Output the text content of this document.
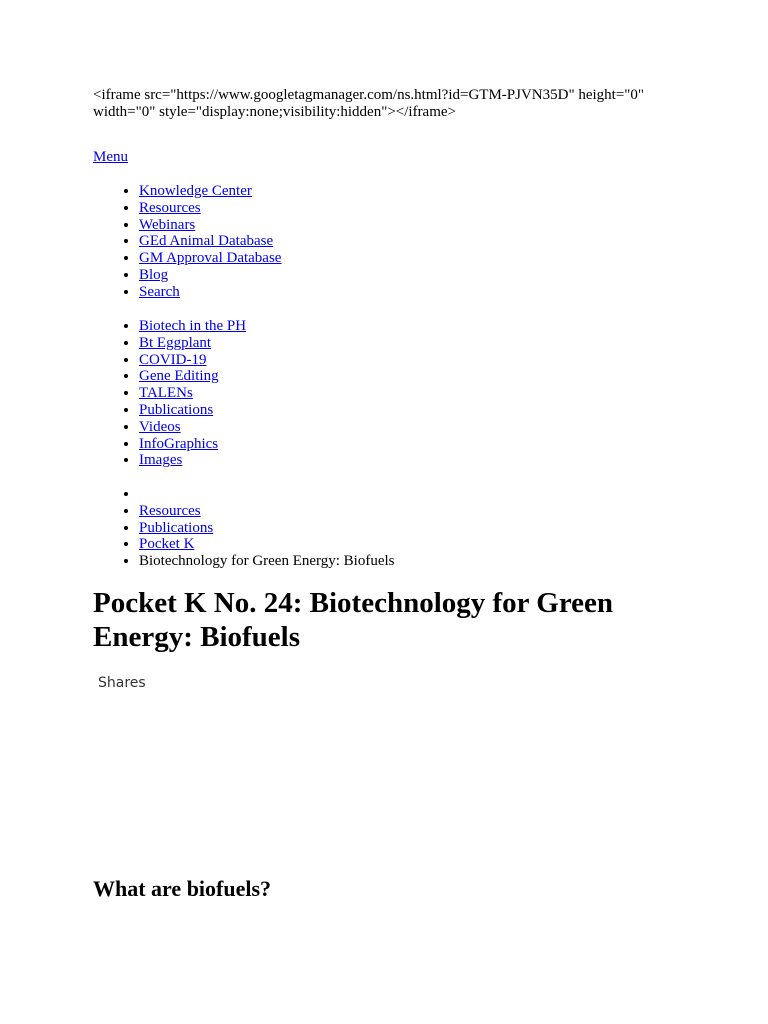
<iframe src="https://www.googletagmanager.com/ns.html?id=GTM-PJVN35D" height="0" width="0" style="display:none;visibility:hidden"></iframe>
Menu
• Knowledge Center
• Resources
• Webinars
• GEd Animal Database
• GM Approval Database
• Blog
• Search
• Biotech in the PH
• Bt Eggplant
• COVID-19
• Gene Editing
• TALENs
• Publications
• Videos
• InfoGraphics
• Images
•
• Resources
• Publications
• Pocket K
• Biotechnology for Green Energy: Biofuels
Pocket K No. 24: Biotechnology for Green Energy: Biofuels
Shares
What are biofuels?
